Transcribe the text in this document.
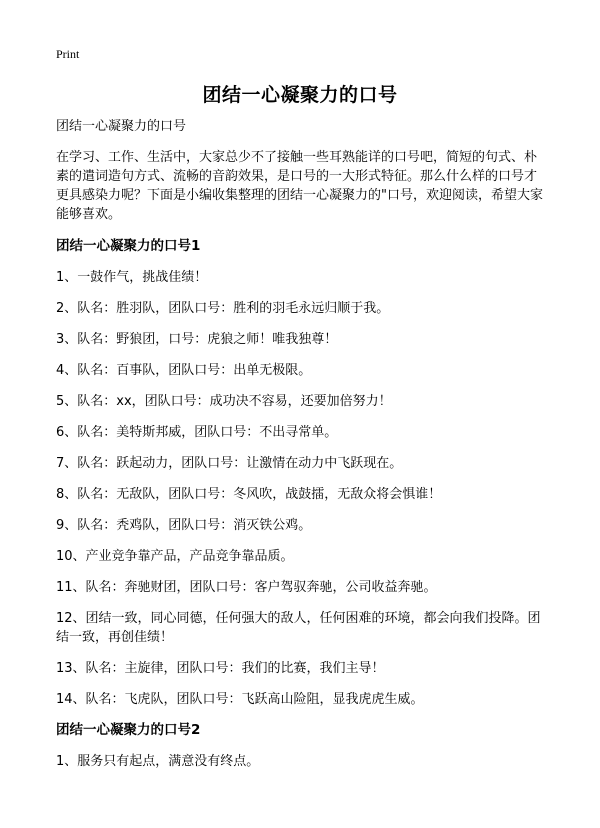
Print
团结一心凝聚力的口号

团结一心凝聚力的口号

在学习、工作、生活中，大家总少不了接触一些耳熟能详的口号吧，简短的句式、朴素的遣词造句方式、流畅的音韵效果，是口号的一大形式特征。那么什么样的口号才更具感染力呢？下面是小编收集整理的团结一心凝聚力的"口号，欢迎阅读，希望大家能够喜欢。

团结一心凝聚力的口号1

1、一鼓作气，挑战佳绩！

2、队名：胜羽队，团队口号：胜利的羽毛永远归顺于我。

3、队名：野狼团，口号：虎狼之师！唯我独尊！

4、队名：百事队，团队口号：出单无极限。

5、队名：xx，团队口号：成功决不容易，还要加倍努力！

6、队名：美特斯邦威，团队口号：不出寻常单。

7、队名：跃起动力，团队口号：让激情在动力中飞跃现在。

8、队名：无敌队，团队口号：冬风吹，战鼓擂，无敌众将会惧谁！

9、队名：秃鸡队，团队口号：消灭铁公鸡。

10、产业竞争靠产品，产品竞争靠品质。

11、队名：奔驰财团，团队口号：客户驾驭奔驰，公司收益奔驰。

12、团结一致，同心同德，任何强大的敌人，任何困难的环境，都会向我们投降。团结一致，再创佳绩！

13、队名：主旋律，团队口号：我们的比赛，我们主导！

14、队名：飞虎队，团队口号：飞跃高山险阻，显我虎虎生威。

团结一心凝聚力的口号2

1、服务只有起点，满意没有终点。
